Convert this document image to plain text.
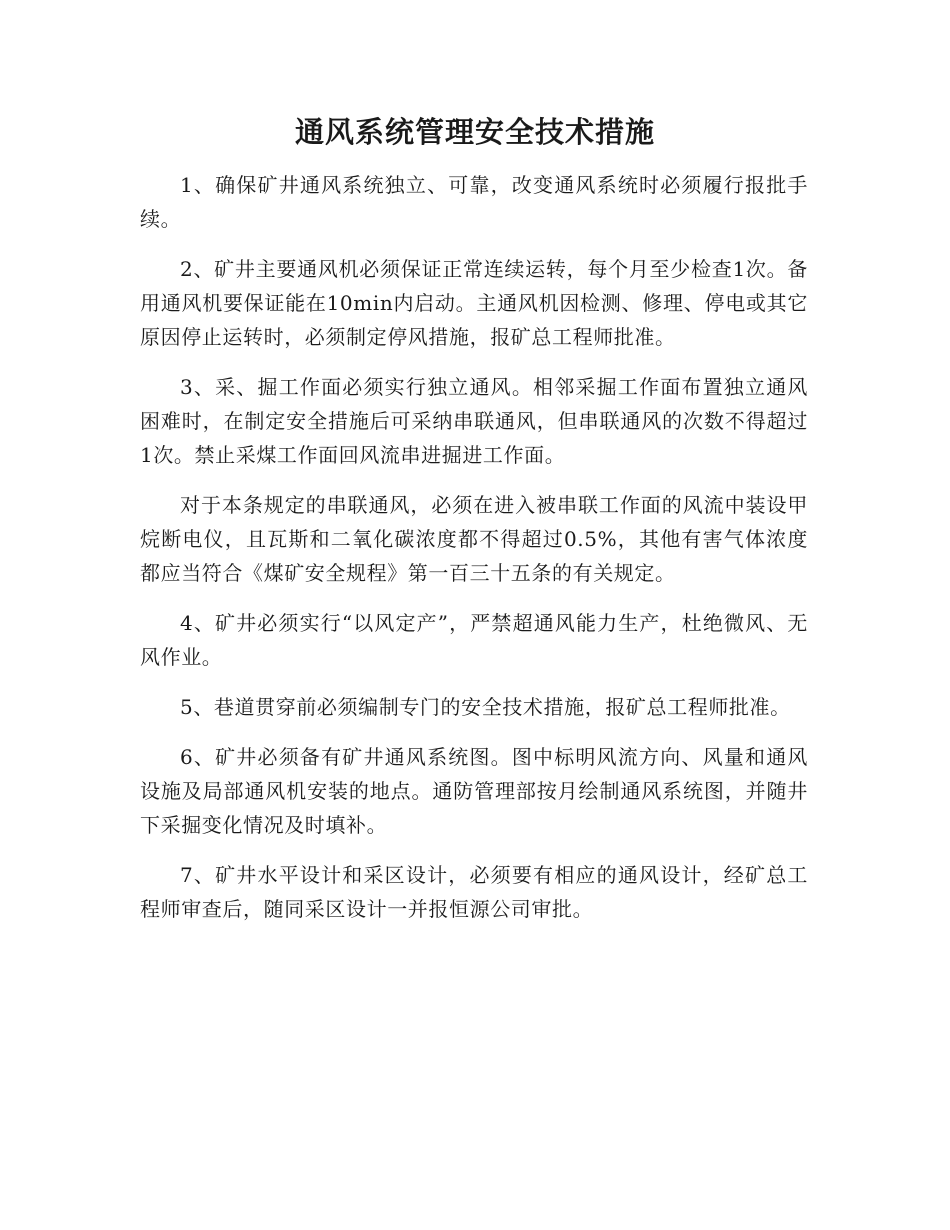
通风系统管理安全技术措施

1、确保矿井通风系统独立、可靠，改变通风系统时必须履行报批手续。

2、矿井主要通风机必须保证正常连续运转，每个月至少检查1次。备用通风机要保证能在10min内启动。主通风机因检测、修理、停电或其它原因停止运转时，必须制定停风措施，报矿总工程师批准。

3、采、掘工作面必须实行独立通风。相邻采掘工作面布置独立通风困难时，在制定安全措施后可采纳串联通风，但串联通风的次数不得超过1次。禁止采煤工作面回风流串进掘进工作面。

对于本条规定的串联通风，必须在进入被串联工作面的风流中装设甲烷断电仪，且瓦斯和二氧化碳浓度都不得超过0.5%，其他有害气体浓度都应当符合《煤矿安全规程》第一百三十五条的有关规定。

4、矿井必须实行“以风定产”，严禁超通风能力生产，杜绝微风、无风作业。

5、巷道贯穿前必须编制专门的安全技术措施，报矿总工程师批准。

6、矿井必须备有矿井通风系统图。图中标明风流方向、风量和通风设施及局部通风机安装的地点。通防管理部按月绘制通风系统图，并随井下采掘变化情况及时填补。

7、矿井水平设计和采区设计，必须要有相应的通风设计，经矿总工程师审查后，随同采区设计一并报恒源公司审批。
